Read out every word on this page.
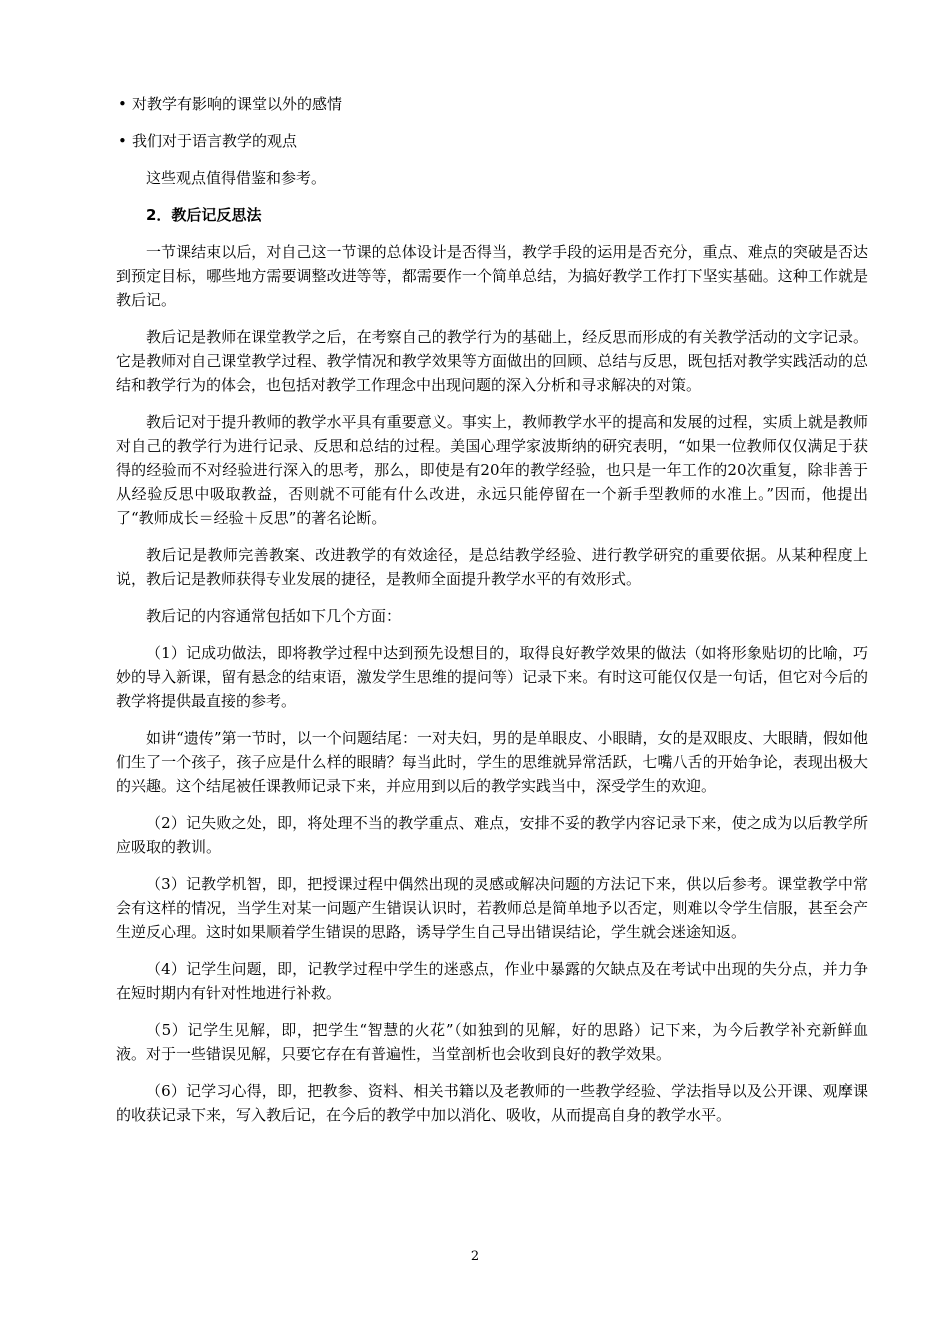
• 对教学有影响的课堂以外的感情
• 我们对于语言教学的观点

这些观点值得借鉴和参考。

2．教后记反思法

一节课结束以后，对自己这一节课的总体设计是否得当，教学手段的运用是否充分，重点、难点的突破是否达到预定目标，哪些地方需要调整改进等等，都需要作一个简单总结，为搞好教学工作打下坚实基础。这种工作就是教后记。

教后记是教师在课堂教学之后，在考察自己的教学行为的基础上，经反思而形成的有关教学活动的文字记录。它是教师对自己课堂教学过程、教学情况和教学效果等方面做出的回顾、总结与反思，既包括对教学实践活动的总结和教学行为的体会，也包括对教学工作理念中出现问题的深入分析和寻求解决的对策。

教后记对于提升教师的教学水平具有重要意义。事实上，教师教学水平的提高和发展的过程，实质上就是教师对自己的教学行为进行记录、反思和总结的过程。美国心理学家波斯纳的研究表明，“如果一位教师仅仅满足于获得的经验而不对经验进行深入的思考，那么，即使是有20年的教学经验，也只是一年工作的20次重复，除非善于从经验反思中吸取教益，否则就不可能有什么改进，永远只能停留在一个新手型教师的水准上。”因而，他提出了“教师成长＝经验＋反思”的著名论断。

教后记是教师完善教案、改进教学的有效途径，是总结教学经验、进行教学研究的重要依据。从某种程度上说，教后记是教师获得专业发展的捷径，是教师全面提升教学水平的有效形式。

教后记的内容通常包括如下几个方面：

（1）记成功做法，即将教学过程中达到预先设想目的，取得良好教学效果的做法（如将形象贴切的比喻，巧妙的导入新课，留有悬念的结束语，激发学生思维的提问等）记录下来。有时这可能仅仅是一句话，但它对今后的教学将提供最直接的参考。

如讲“遗传”第一节时，以一个问题结尾：一对夫妇，男的是单眼皮、小眼睛，女的是双眼皮、大眼睛，假如他们生了一个孩子，孩子应是什么样的眼睛？每当此时，学生的思维就异常活跃，七嘴八舌的开始争论，表现出极大的兴趣。这个结尾被任课教师记录下来，并应用到以后的教学实践当中，深受学生的欢迎。

（2）记失败之处，即，将处理不当的教学重点、难点，安排不妥的教学内容记录下来，使之成为以后教学所应吸取的教训。

（3）记教学机智，即，把授课过程中偶然出现的灵感或解决问题的方法记下来，供以后参考。课堂教学中常会有这样的情况，当学生对某一问题产生错误认识时，若教师总是简单地予以否定，则难以令学生信服，甚至会产生逆反心理。这时如果顺着学生错误的思路，诱导学生自己导出错误结论，学生就会迷途知返。

（4）记学生问题，即，记教学过程中学生的迷惑点，作业中暴露的欠缺点及在考试中出现的失分点，并力争在短时期内有针对性地进行补救。

（5）记学生见解，即，把学生“智慧的火花”（如独到的见解，好的思路）记下来，为今后教学补充新鲜血液。对于一些错误见解，只要它存在有普遍性，当堂剖析也会收到良好的教学效果。

（6）记学习心得，即，把教参、资料、相关书籍以及老教师的一些教学经验、学法指导以及公开课、观摩课的收获记录下来，写入教后记，在今后的教学中加以消化、吸收，从而提高自身的教学水平。

2
